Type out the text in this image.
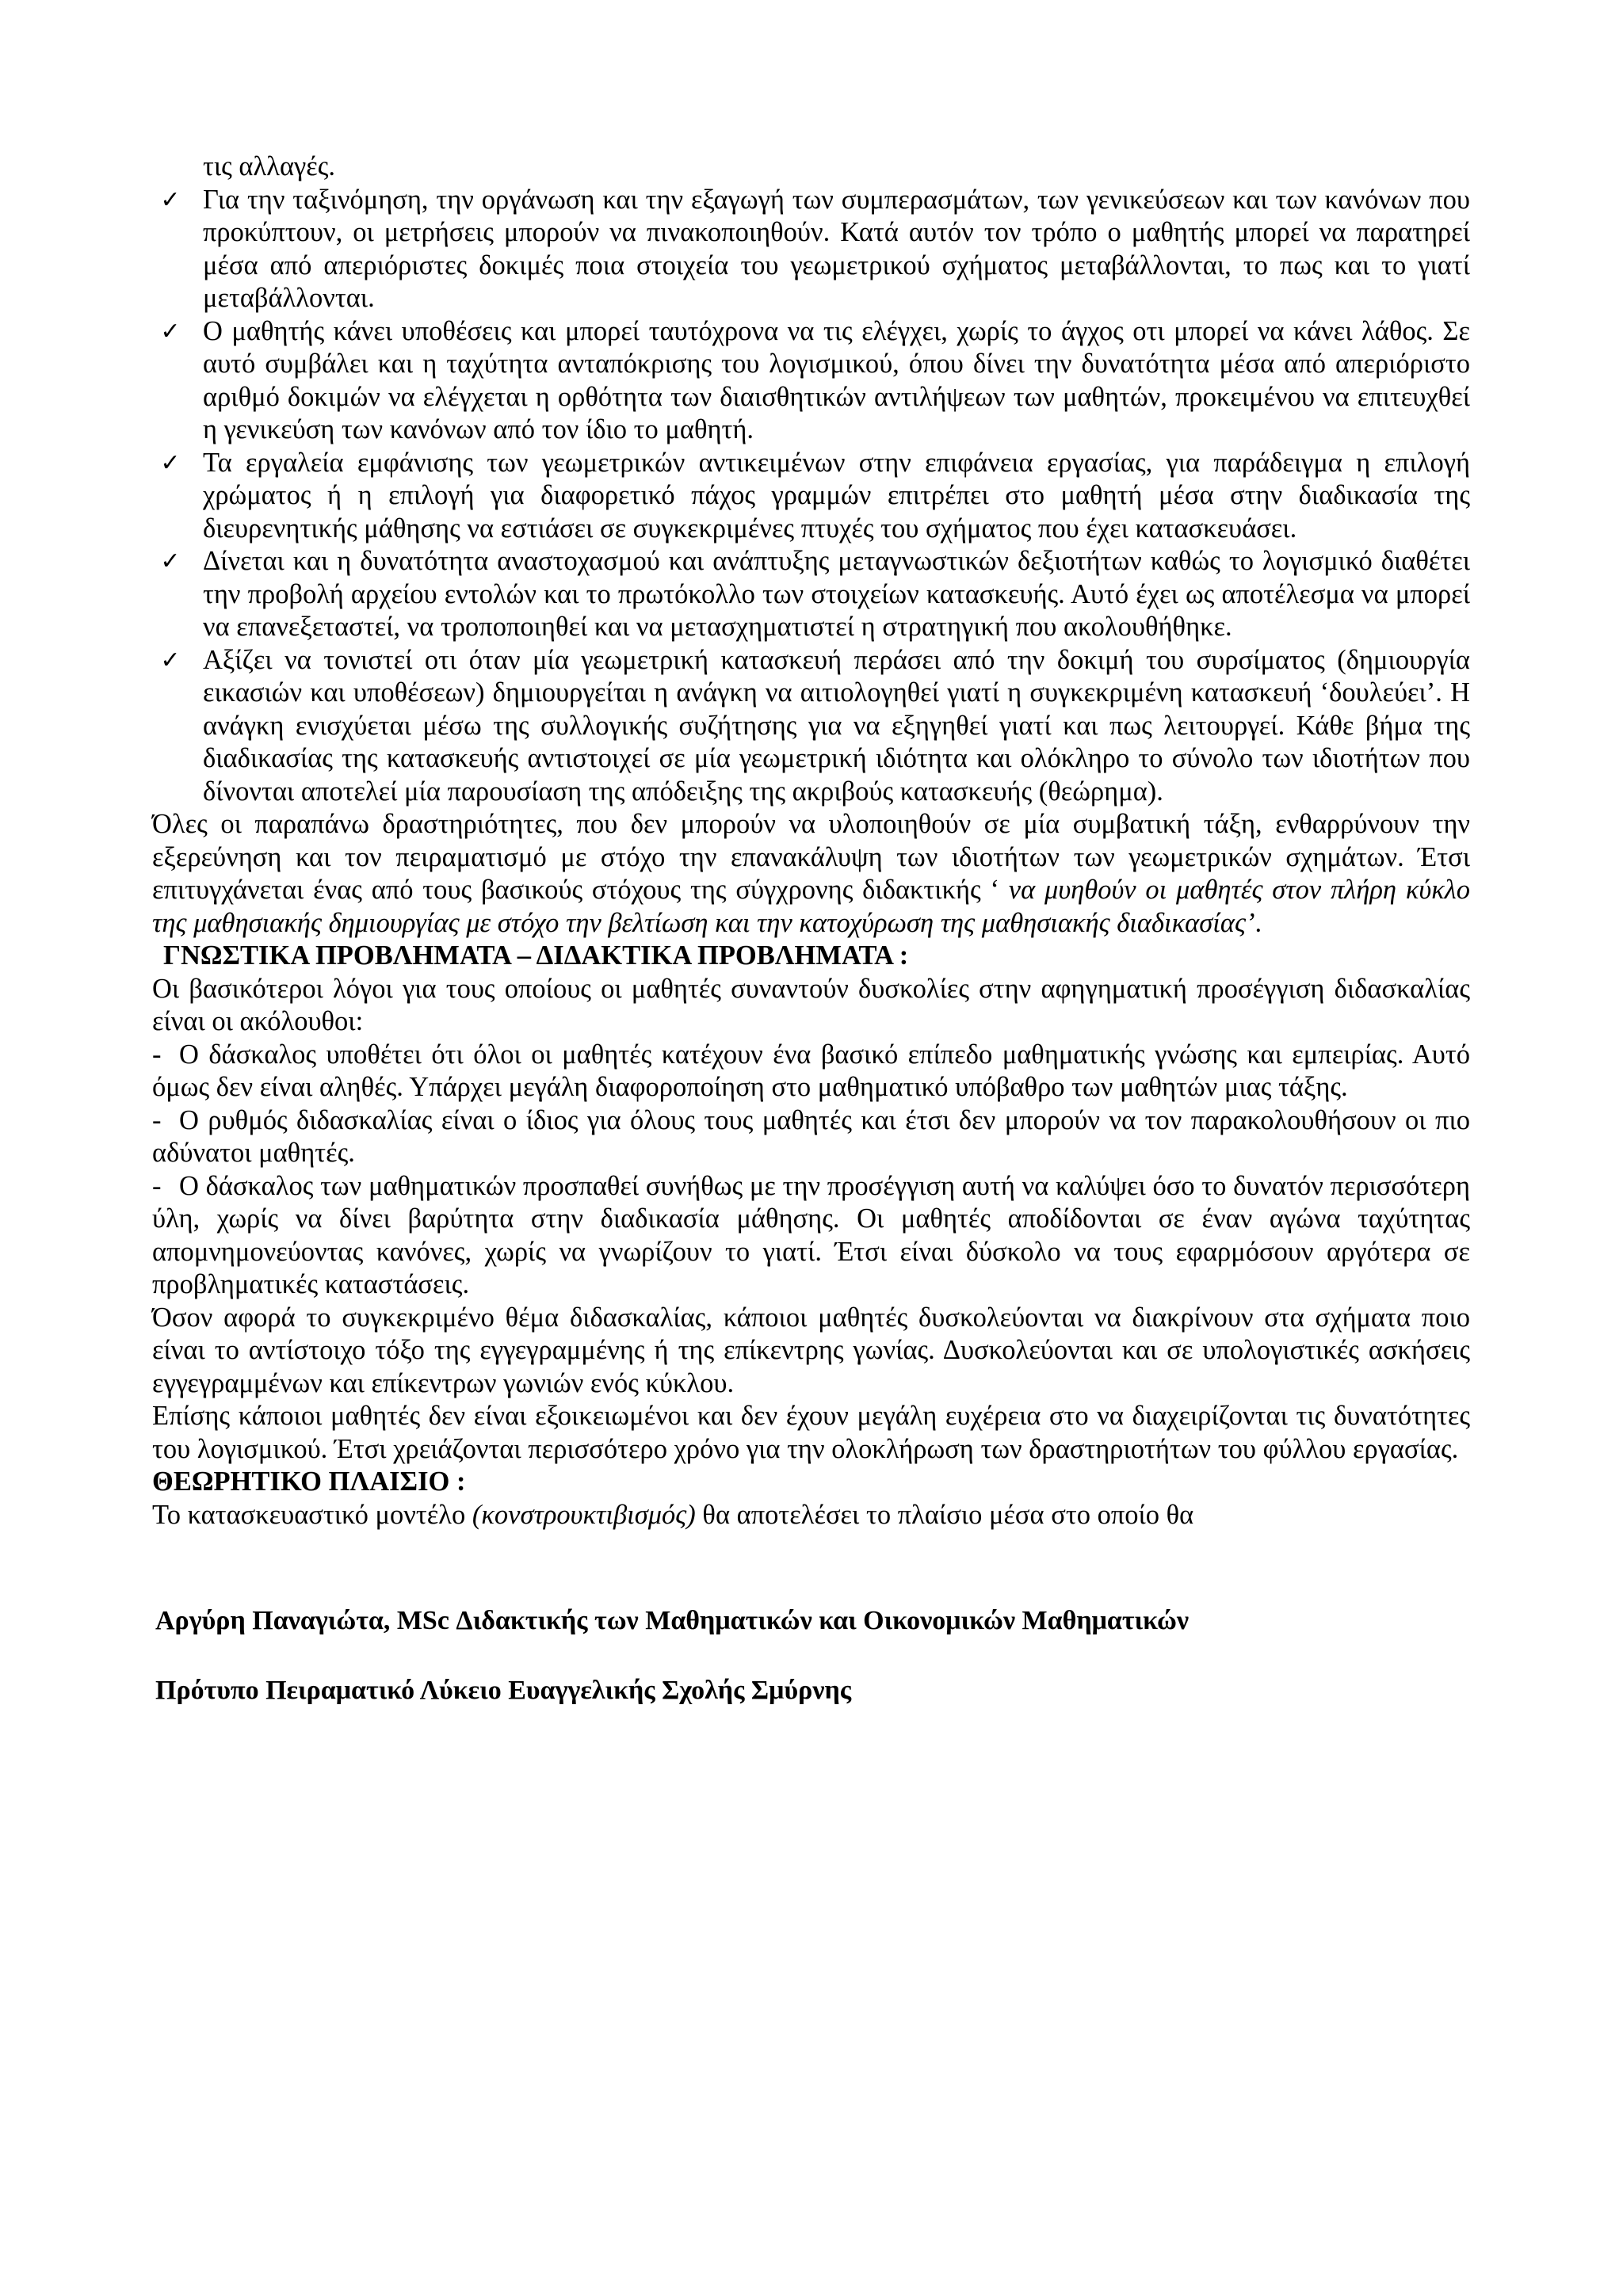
τις αλλαγές.

✓ Για την ταξινόμηση, την οργάνωση και την εξαγωγή των συμπερασμάτων, των γενικεύσεων και των κανόνων που προκύπτουν, οι μετρήσεις μπορούν να πινακοποιηθούν. Κατά αυτόν τον τρόπο ο μαθητής μπορεί να παρατηρεί μέσα από απεριόριστες δοκιμές ποια στοιχεία του γεωμετρικού σχήματος μεταβάλλονται, το πως και το γιατί μεταβάλλονται.
✓ Ο μαθητής κάνει υποθέσεις και μπορεί ταυτόχρονα να τις ελέγχει, χωρίς το άγχος οτι μπορεί να κάνει λάθος. Σε αυτό συμβάλει και η ταχύτητα ανταπόκρισης του λογισμικού, όπου δίνει την δυνατότητα μέσα από απεριόριστο αριθμό δοκιμών να ελέγχεται η ορθότητα των διαισθητικών αντιλήψεων των μαθητών, προκειμένου να επιτευχθεί η γενικεύση των κανόνων από τον ίδιο το μαθητή.
✓ Τα εργαλεία εμφάνισης των γεωμετρικών αντικειμένων στην επιφάνεια εργασίας, για παράδειγμα η επιλογή χρώματος ή η επιλογή για διαφορετικό πάχος γραμμών επιτρέπει στο μαθητή μέσα στην διαδικασία της διευρενητικής μάθησης να εστιάσει σε συγκεκριμένες πτυχές του σχήματος που έχει κατασκευάσει.
✓ Δίνεται και η δυνατότητα αναστοχασμού και ανάπτυξης μεταγνωστικών δεξιοτήτων καθώς το λογισμικό διαθέτει την προβολή αρχείου εντολών και το πρωτόκολλο των στοιχείων κατασκευής. Αυτό έχει ως αποτέλεσμα να μπορεί να επανεξεταστεί, να τροποποιηθεί και να μετασχηματιστεί η στρατηγική που ακολουθήθηκε.
✓ Αξίζει να τονιστεί οτι όταν μία γεωμετρική κατασκευή περάσει από την δοκιμή του συρσίματος (δημιουργία εικασιών και υποθέσεων) δημιουργείται η ανάγκη να αιτιολογηθεί γιατί η συγκεκριμένη κατασκευή ‘δουλεύει’. Η ανάγκη ενισχύεται μέσω της συλλογικής συζήτησης για να εξηγηθεί γιατί και πως λειτουργεί. Κάθε βήμα της διαδικασίας της κατασκευής αντιστοιχεί σε μία γεωμετρική ιδιότητα και ολόκληρο το σύνολο των ιδιοτήτων που δίνονται αποτελεί μία παρουσίαση της απόδειξης της ακριβούς κατασκευής (θεώρημα).

Όλες οι παραπάνω δραστηριότητες, που δεν μπορούν να υλοποιηθούν σε μία συμβατική τάξη, ενθαρρύνουν την εξερεύνηση και τον πειραματισμό με στόχο την επανακάλυψη των ιδιοτήτων των γεωμετρικών σχημάτων. Έτσι επιτυγχάνεται ένας από τους βασικούς στόχους της σύγχρονης διδακτικής ‘ να μυηθούν οι μαθητές στον πλήρη κύκλο της μαθησιακής δημιουργίας με στόχο την βελτίωση και την κατοχύρωση της μαθησιακής διαδικασίας’.

ΓΝΩΣΤΙΚΑ ΠΡΟΒΛΗΜΑΤΑ – ΔΙΔΑΚΤΙΚΑ ΠΡΟΒΛΗΜΑΤΑ :

Οι βασικότεροι λόγοι για τους οποίους οι μαθητές συναντούν δυσκολίες στην αφηγηματική προσέγγιση διδασκαλίας είναι οι ακόλουθοι:

- Ο δάσκαλος υποθέτει ότι όλοι οι μαθητές κατέχουν ένα βασικό επίπεδο μαθηματικής γνώσης και εμπειρίας. Αυτό όμως δεν είναι αληθές. Υπάρχει μεγάλη διαφοροποίηση στο μαθηματικό υπόβαθρο των μαθητών μιας τάξης.

- Ο ρυθμός διδασκαλίας είναι ο ίδιος για όλους τους μαθητές και έτσι δεν μπορούν να τον παρακολουθήσουν οι πιο αδύνατοι μαθητές.

- Ο δάσκαλος των μαθηματικών προσπαθεί συνήθως με την προσέγγιση αυτή να καλύψει όσο το δυνατόν περισσότερη ύλη, χωρίς να δίνει βαρύτητα στην διαδικασία μάθησης. Οι μαθητές αποδίδονται σε έναν αγώνα ταχύτητας απομνημονεύοντας κανόνες, χωρίς να γνωρίζουν το γιατί. Έτσι είναι δύσκολο να τους εφαρμόσουν αργότερα σε προβληματικές καταστάσεις.

Όσον αφορά το συγκεκριμένο θέμα διδασκαλίας, κάποιοι μαθητές δυσκολεύονται να διακρίνουν στα σχήματα ποιο είναι το αντίστοιχο τόξο της εγγεγραμμένης ή της επίκεντρης γωνίας. Δυσκολεύονται και σε υπολογιστικές ασκήσεις εγγεγραμμένων και επίκεντρων γωνιών ενός κύκλου.

Επίσης κάποιοι μαθητές δεν είναι εξοικειωμένοι και δεν έχουν μεγάλη ευχέρεια στο να διαχειρίζονται τις δυνατότητες του λογισμικού. Έτσι χρειάζονται περισσότερο χρόνο για την ολοκλήρωση των δραστηριοτήτων του φύλλου εργασίας.

ΘΕΩΡΗΤΙΚΟ ΠΛΑΙΣΙΟ :

Το κατασκευαστικό μοντέλο (κονστρουκτιβισμός) θα αποτελέσει το πλαίσιο μέσα στο οποίο θα

Αργύρη Παναγιώτα, MSc Διδακτικής των Μαθηματικών και Οικονομικών Μαθηματικών
Πρότυπο Πειραματικό Λύκειο Ευαγγελικής Σχολής Σμύρνης
